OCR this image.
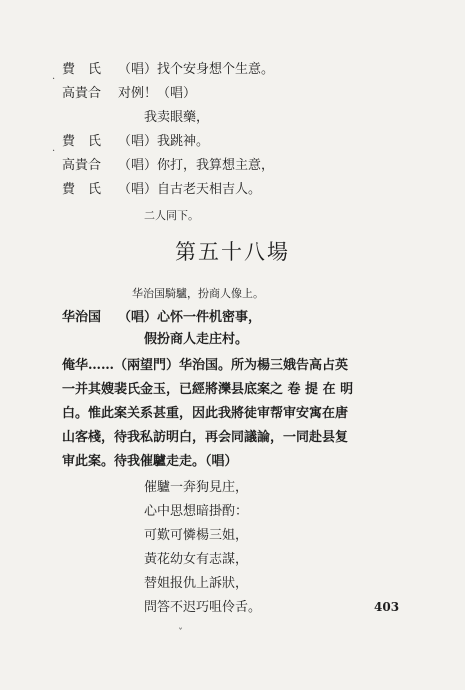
費　氏 （唱）找个安身想个生意。
高貴合 对例！（唱）
我卖眼藥，
費　氏 （唱）我跳神。
高貴合 （唱）你打，我算想主意，
費　氏 （唱）自古老天相吉人。
二人同下。
第五十八場
华治国騎驢，扮商人像上。
华治国 （唱）心怀一件机密事，
假扮商人走庄村。
俺华……（兩望門）华治国。所为楊三娥告高占英
一并其嫂裴氏金玉，已經將濼县底案之 卷 提 在 明
白。惟此案关系甚重，因此我將徒审帮审安寓在唐
山客棧，待我私訪明白，再会同議論，一同赴县复
审此案。待我催驢走走。（唱）
催驢一奔狗見庄，
心中思想暗掛酌：
可歎可憐楊三姐，
黃花幼女有志謀，
替姐报仇上訴狀，
問答不迟巧咀伶舌。	403
·
·
ˇ
